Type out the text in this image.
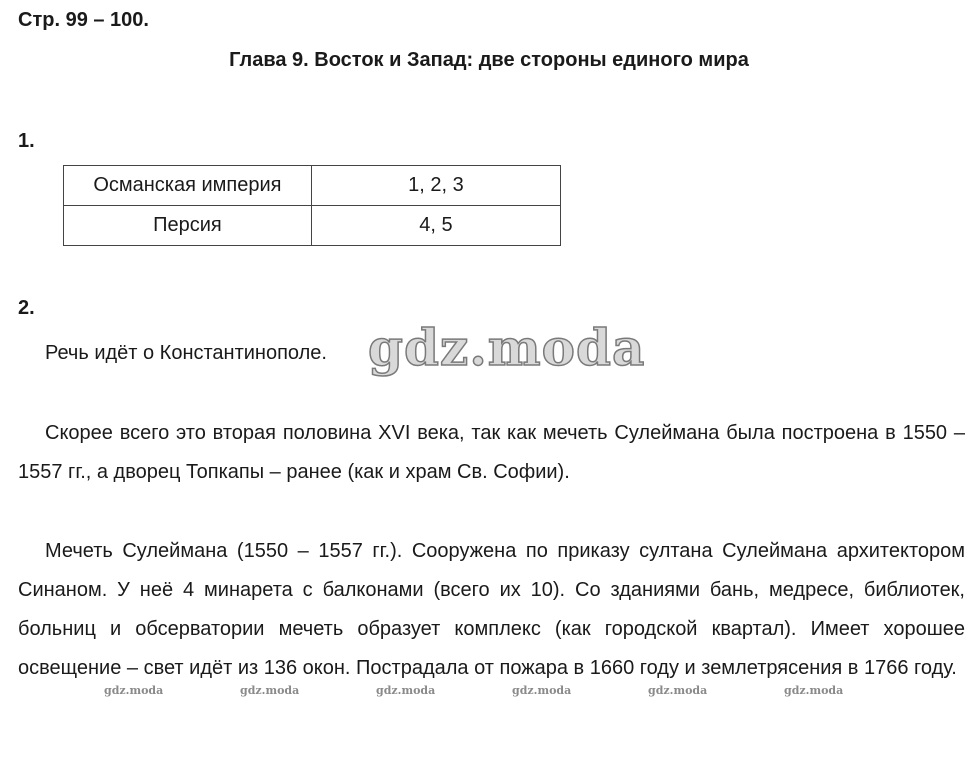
Стр. 99 – 100.
Глава 9. Восток и Запад: две стороны единого мира
1.
Османская империя	1, 2, 3
Персия	4, 5
2.
Речь идёт о Константинополе.
Скорее всего это вторая половина XVI века, так как мечеть Сулеймана была построена в 1550 – 1557 гг., а дворец Топкапы – ранее (как и храм Св. Софии).
Мечеть Сулеймана (1550 – 1557 гг.). Сооружена по приказу султана Сулеймана архитектором Синаном. У неё 4 минарета с балконами (всего их 10). Со зданиями бань, медресе, библиотек, больниц и обсерватории мечеть образует комплекс (как городской квартал). Имеет хорошее освещение – свет идёт из 136 окон. Пострадала от пожара в 1660 году и землетрясения в 1766 году.
gdz.moda
gdz.moda	gdz.moda	gdz.moda	gdz.moda	gdz.moda	gdz.moda
